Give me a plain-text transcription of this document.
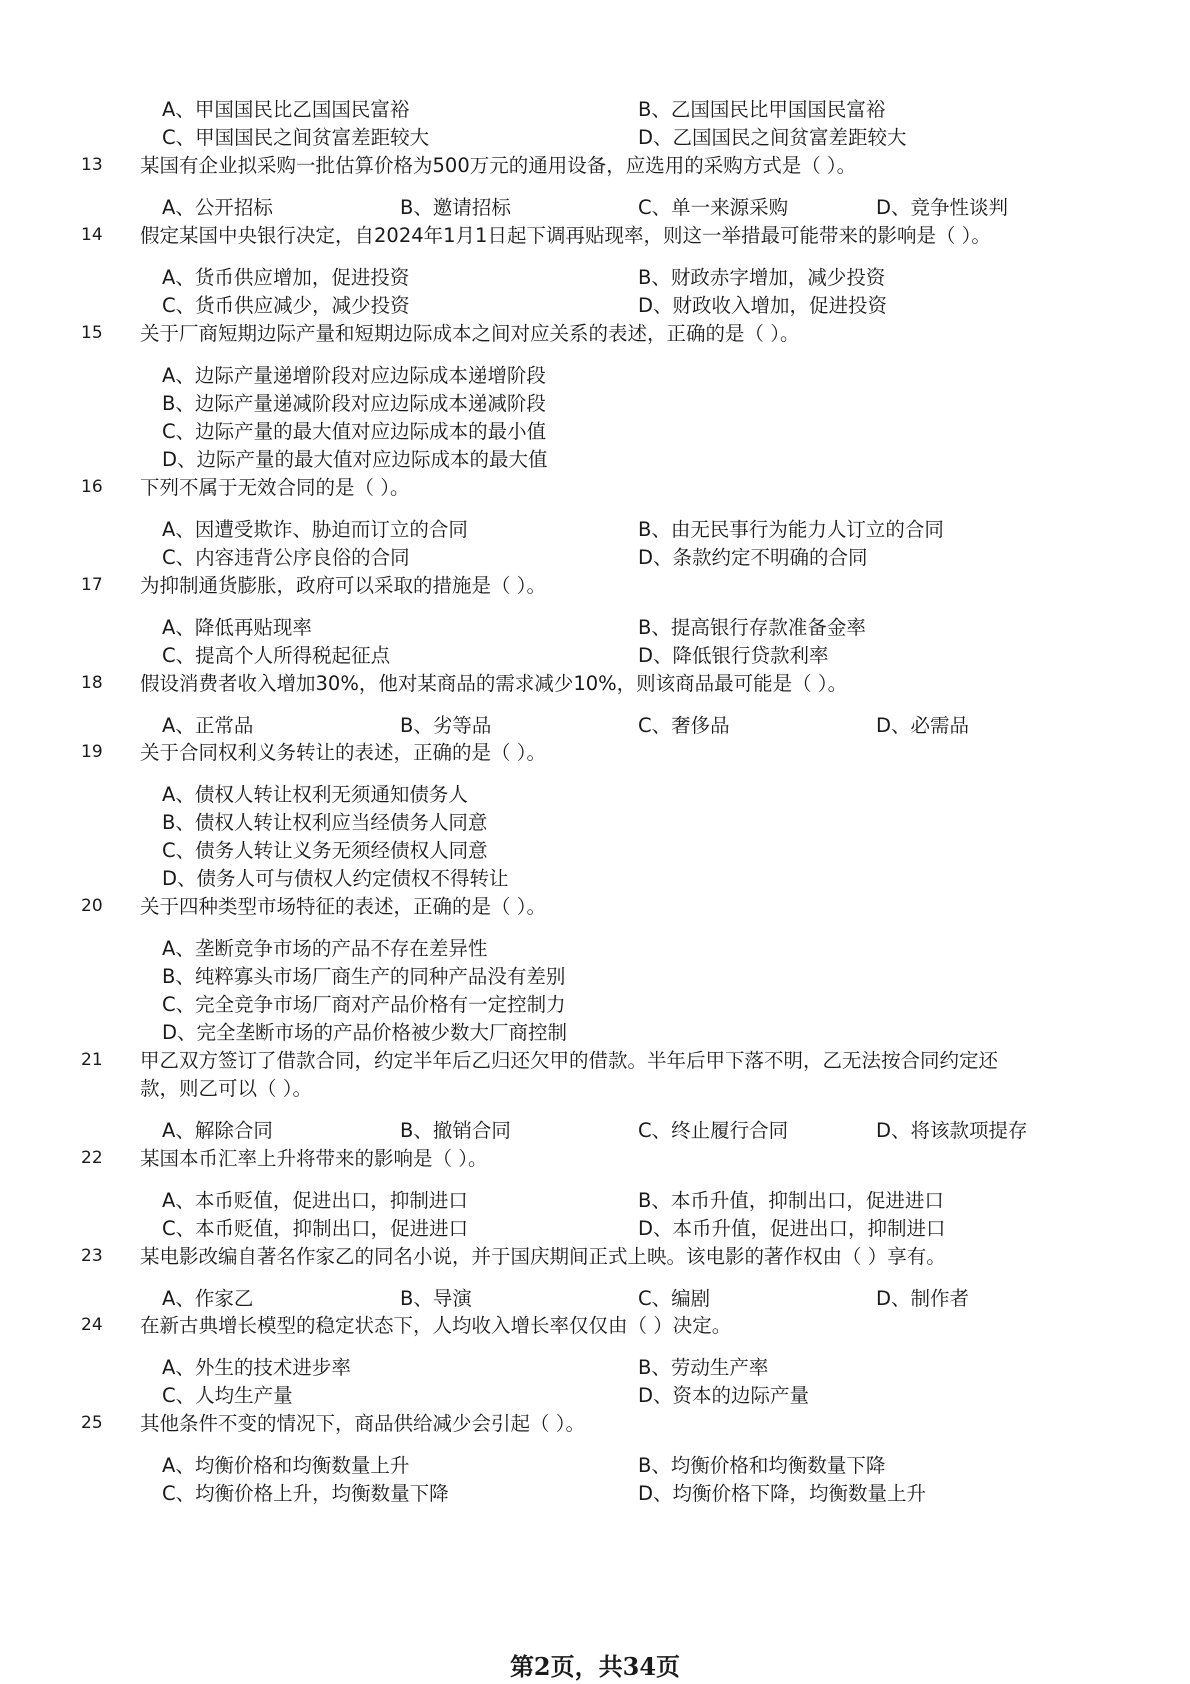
A、甲国国民比乙国国民富裕	B、乙国国民比甲国国民富裕
C、甲国国民之间贫富差距较大	D、乙国国民之间贫富差距较大
13 某国有企业拟采购一批估算价格为500万元的通用设备，应选用的采购方式是（ ）。
A、公开招标	B、邀请招标	C、单一来源采购	D、竞争性谈判
14 假定某国中央银行决定，自2024年1月1日起下调再贴现率，则这一举措最可能带来的影响是（ ）。
A、货币供应增加，促进投资	B、财政赤字增加，减少投资
C、货币供应减少，减少投资	D、财政收入增加，促进投资
15 关于厂商短期边际产量和短期边际成本之间对应关系的表述，正确的是（ ）。
A、边际产量递增阶段对应边际成本递增阶段
B、边际产量递减阶段对应边际成本递减阶段
C、边际产量的最大值对应边际成本的最小值
D、边际产量的最大值对应边际成本的最大值
16 下列不属于无效合同的是（ ）。
A、因遭受欺诈、胁迫而订立的合同	B、由无民事行为能力人订立的合同
C、内容违背公序良俗的合同	D、条款约定不明确的合同
17 为抑制通货膨胀，政府可以采取的措施是（ ）。
A、降低再贴现率	B、提高银行存款准备金率
C、提高个人所得税起征点	D、降低银行贷款利率
18 假设消费者收入增加30%，他对某商品的需求减少10%，则该商品最可能是（ ）。
A、正常品	B、劣等品	C、奢侈品	D、必需品
19 关于合同权利义务转让的表述，正确的是（ ）。
A、债权人转让权利无须通知债务人
B、债权人转让权利应当经债务人同意
C、债务人转让义务无须经债权人同意
D、债务人可与债权人约定债权不得转让
20 关于四种类型市场特征的表述，正确的是（ ）。
A、垄断竞争市场的产品不存在差异性
B、纯粹寡头市场厂商生产的同种产品没有差别
C、完全竞争市场厂商对产品价格有一定控制力
D、完全垄断市场的产品价格被少数大厂商控制
21 甲乙双方签订了借款合同，约定半年后乙归还欠甲的借款。半年后甲下落不明，乙无法按合同约定还
款，则乙可以（ ）。
A、解除合同	B、撤销合同	C、终止履行合同	D、将该款项提存
22 某国本币汇率上升将带来的影响是（ ）。
A、本币贬值，促进出口，抑制进口	B、本币升值，抑制出口，促进进口
C、本币贬值，抑制出口，促进进口	D、本币升值，促进出口，抑制进口
23 某电影改编自著名作家乙的同名小说，并于国庆期间正式上映。该电影的著作权由（ ）享有。
A、作家乙	B、导演	C、编剧	D、制作者
24 在新古典增长模型的稳定状态下，人均收入增长率仅仅由（ ）决定。
A、外生的技术进步率	B、劳动生产率
C、人均生产量	D、资本的边际产量
25 其他条件不变的情况下，商品供给减少会引起（ ）。
A、均衡价格和均衡数量上升	B、均衡价格和均衡数量下降
C、均衡价格上升，均衡数量下降	D、均衡价格下降，均衡数量上升
第2页，共34页
